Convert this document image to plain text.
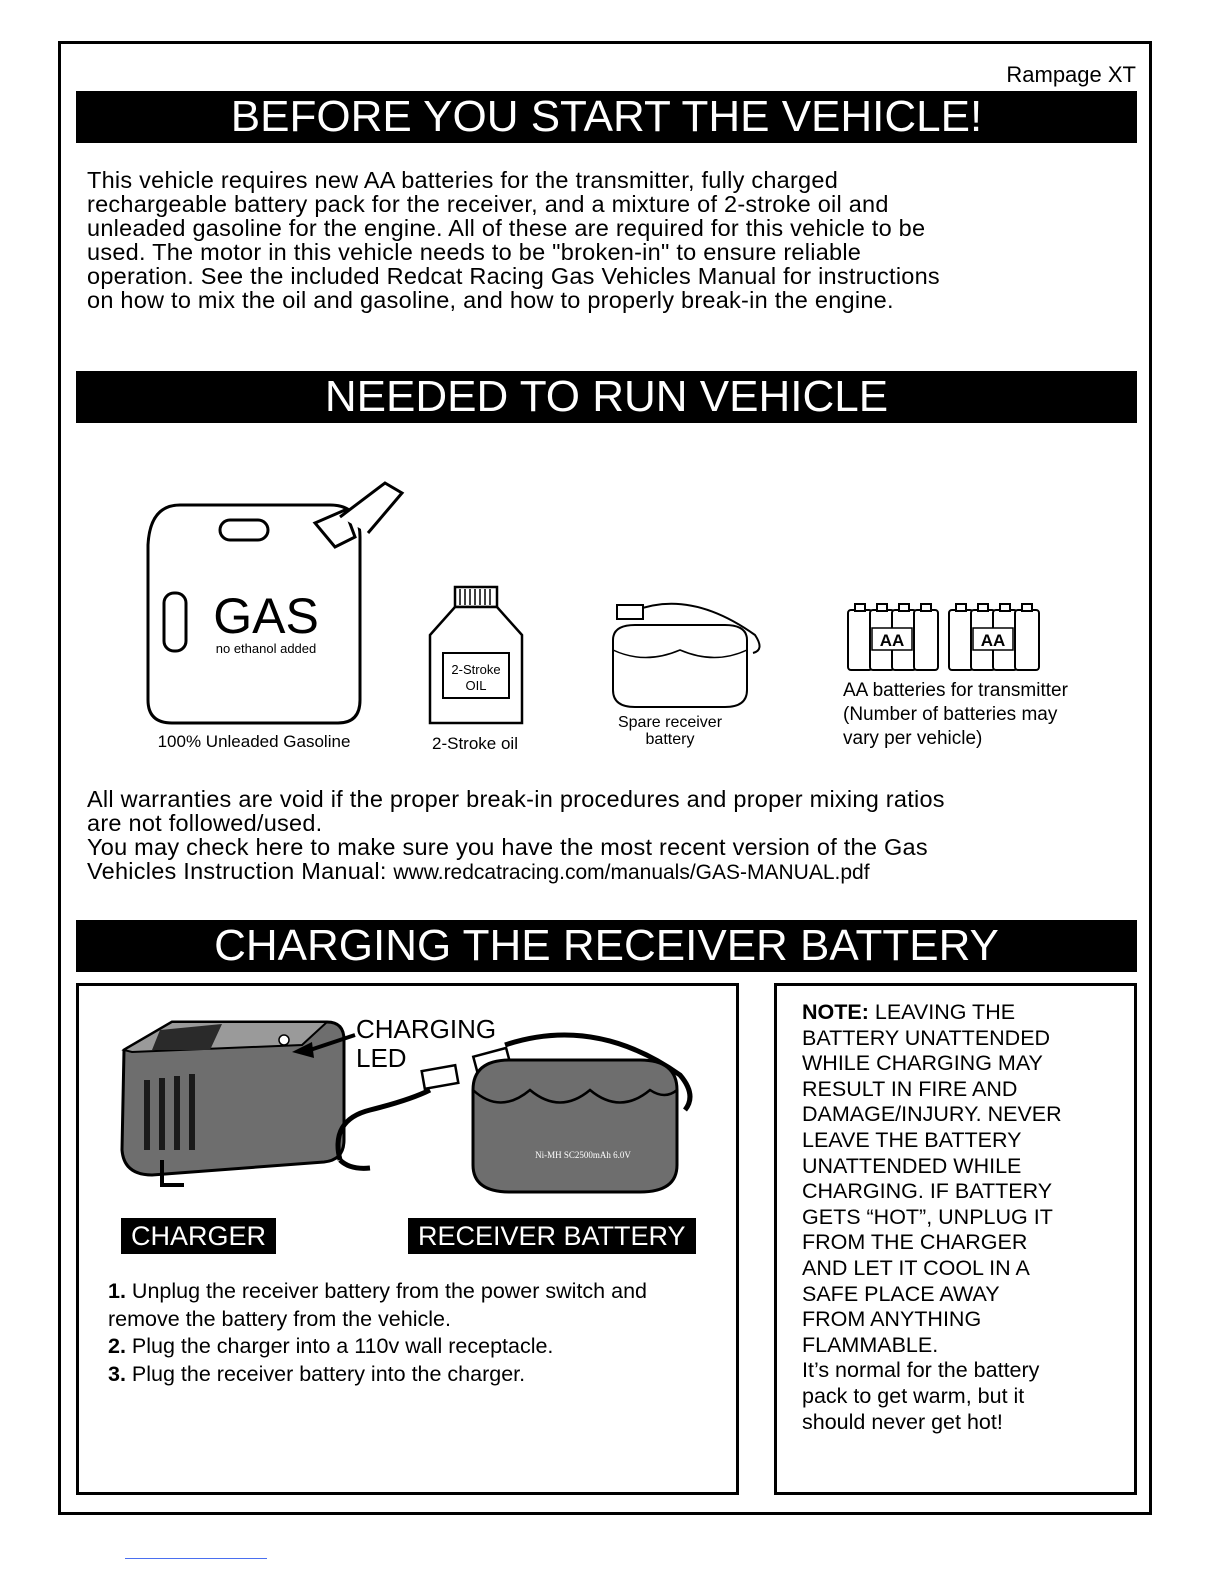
Rampage XT
BEFORE YOU START THE VEHICLE!
This vehicle requires new AA batteries for the transmitter, fully charged
rechargeable battery pack for the receiver, and a mixture of 2-stroke oil and
unleaded gasoline for the engine. All of these are required for this vehicle to be
used. The motor in this vehicle needs to be "broken-in" to ensure reliable
operation. See the included Redcat Racing Gas Vehicles Manual for instructions
on how to mix the oil and gasoline, and how to properly break-in the engine.
NEEDED TO RUN VEHICLE
GAS
no ethanol added
100% Unleaded Gasoline
2-Stroke
OIL
2-Stroke oil
Spare receiver
battery
AA	AA
AA batteries for transmitter
(Number of batteries may
vary per vehicle)
All warranties are void if the proper break-in procedures and proper mixing ratios
are not followed/used.
You may check here to make sure you have the most recent version of the Gas
Vehicles Instruction Manual: www.redcatracing.com/manuals/GAS-MANUAL.pdf
CHARGING THE RECEIVER BATTERY
CHARGING
LED
Ni-MH SC2500mAh 6.0V
CHARGER	RECEIVER BATTERY
1. Unplug the receiver battery from the power switch and
remove the battery from the vehicle.
2. Plug the charger into a 110v wall receptacle.
3. Plug the receiver battery into the charger.
NOTE: LEAVING THE
BATTERY UNATTENDED
WHILE CHARGING MAY
RESULT IN FIRE AND
DAMAGE/INJURY. NEVER
LEAVE THE BATTERY
UNATTENDED WHILE
CHARGING. IF BATTERY
GETS “HOT”, UNPLUG IT
FROM THE CHARGER
AND LET IT COOL IN A
SAFE PLACE AWAY
FROM ANYTHING
FLAMMABLE.
It’s normal for the battery
pack to get warm, but it
should never get hot!
